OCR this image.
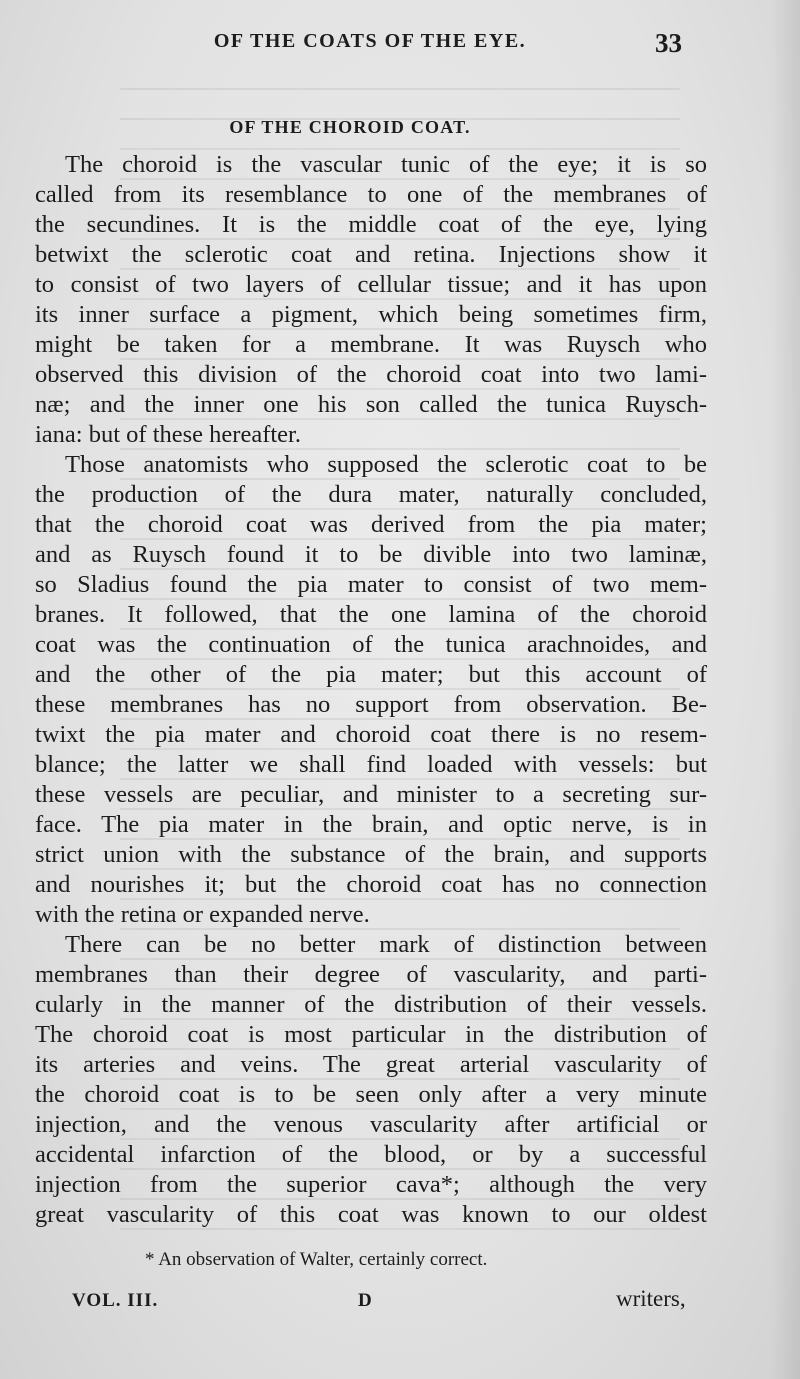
OF THE COATS OF THE EYE.	33
OF THE CHOROID COAT.
The choroid is the vascular tunic of the eye; it is so
called from its resemblance to one of the membranes of
the secundines. It is the middle coat of the eye, lying
betwixt the sclerotic coat and retina. Injections show it
to consist of two layers of cellular tissue; and it has upon
its inner surface a pigment, which being sometimes firm,
might be taken for a membrane. It was Ruysch who
observed this division of the choroid coat into two lami-
næ; and the inner one his son called the tunica Ruysch-
iana: but of these hereafter.
Those anatomists who supposed the sclerotic coat to be
the production of the dura mater, naturally concluded,
that the choroid coat was derived from the pia mater;
and as Ruysch found it to be divible into two laminæ,
so Sladius found the pia mater to consist of two mem-
branes. It followed, that the one lamina of the choroid
coat was the continuation of the tunica arachnoides, and
and the other of the pia mater; but this account of
these membranes has no support from observation. Be-
twixt the pia mater and choroid coat there is no resem-
blance; the latter we shall find loaded with vessels: but
these vessels are peculiar, and minister to a secreting sur-
face. The pia mater in the brain, and optic nerve, is in
strict union with the substance of the brain, and supports
and nourishes it; but the choroid coat has no connection
with the retina or expanded nerve.
There can be no better mark of distinction between
membranes than their degree of vascularity, and parti-
cularly in the manner of the distribution of their vessels.
The choroid coat is most particular in the distribution of
its arteries and veins. The great arterial vascularity of
the choroid coat is to be seen only after a very minute
injection, and the venous vascularity after artificial or
accidental infarction of the blood, or by a successful
injection from the superior cava*; although the very
great vascularity of this coat was known to our oldest
* An observation of Walter, certainly correct.
VOL. III.	D	writers,
